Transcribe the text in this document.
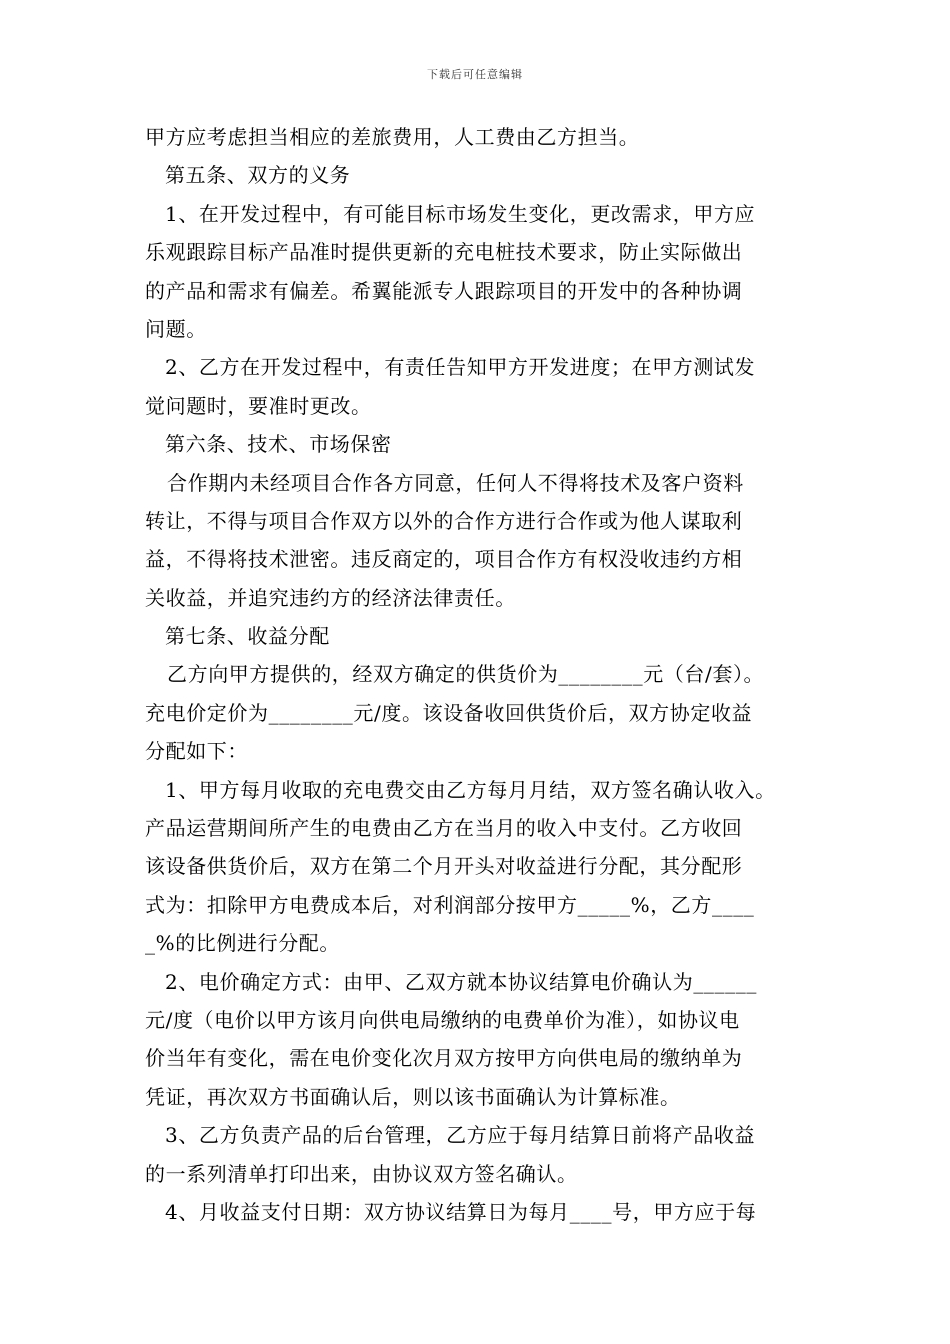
下载后可任意编辑
甲方应考虑担当相应的差旅费用，人工费由乙方担当。
第五条、双方的义务
1、在开发过程中，有可能目标市场发生变化，更改需求，甲方应
乐观跟踪目标产品准时提供更新的充电桩技术要求，防止实际做出
的产品和需求有偏差。希翼能派专人跟踪项目的开发中的各种协调
问题。
2、乙方在开发过程中，有责任告知甲方开发进度；在甲方测试发
觉问题时，要准时更改。
第六条、技术、市场保密
合作期内未经项目合作各方同意，任何人不得将技术及客户资料
转让，不得与项目合作双方以外的合作方进行合作或为他人谋取利
益，不得将技术泄密。违反商定的，项目合作方有权没收违约方相
关收益，并追究违约方的经济法律责任。
第七条、收益分配
乙方向甲方提供的，经双方确定的供货价为________元（台/套）。
充电价定价为________元/度。该设备收回供货价后，双方协定收益
分配如下：
1、甲方每月收取的充电费交由乙方每月月结，双方签名确认收入。
产品运营期间所产生的电费由乙方在当月的收入中支付。乙方收回
该设备供货价后，双方在第二个月开头对收益进行分配，其分配形
式为：扣除甲方电费成本后，对利润部分按甲方_____%，乙方____
_%的比例进行分配。
2、电价确定方式：由甲、乙双方就本协议结算电价确认为______
元/度（电价以甲方该月向供电局缴纳的电费单价为准），如协议电
价当年有变化，需在电价变化次月双方按甲方向供电局的缴纳单为
凭证，再次双方书面确认后，则以该书面确认为计算标准。
3、乙方负责产品的后台管理，乙方应于每月结算日前将产品收益
的一系列清单打印出来，由协议双方签名确认。
4、月收益支付日期：双方协议结算日为每月____号，甲方应于每
